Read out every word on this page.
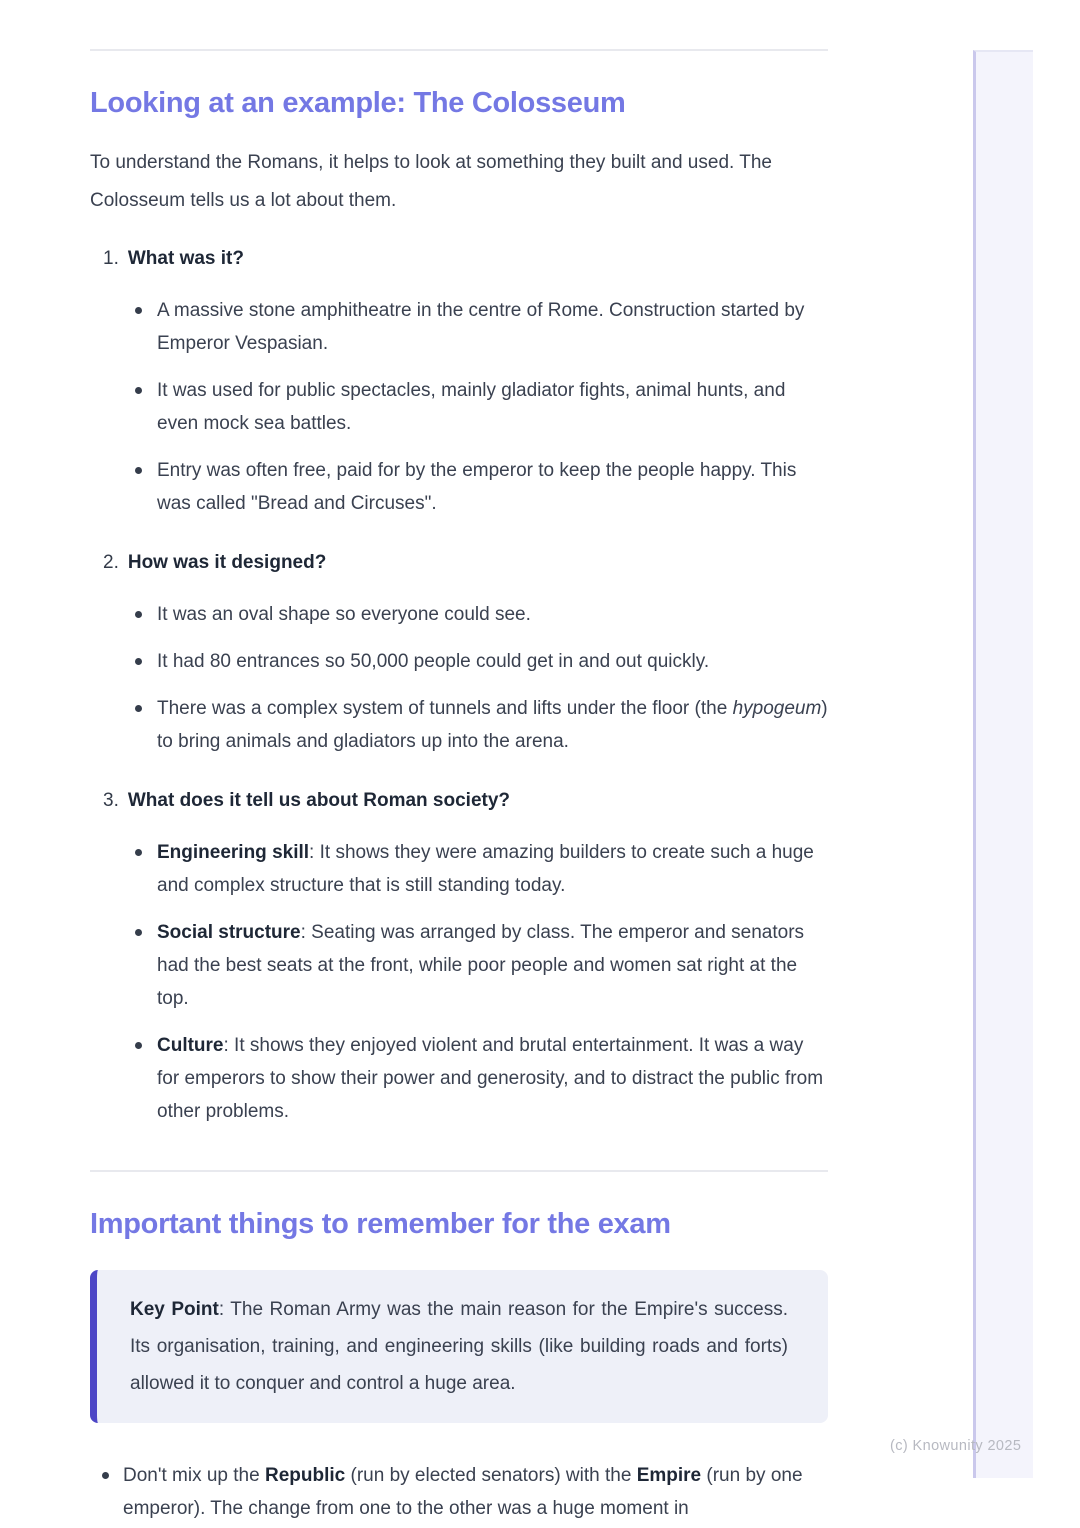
Looking at an example: The Colosseum

To understand the Romans, it helps to look at something they built and used. The Colosseum tells us a lot about them.

1. What was it?
A massive stone amphitheatre in the centre of Rome. Construction started by Emperor Vespasian.
It was used for public spectacles, mainly gladiator fights, animal hunts, and even mock sea battles.
Entry was often free, paid for by the emperor to keep the people happy. This was called "Bread and Circuses".
2. How was it designed?
It was an oval shape so everyone could see.
It had 80 entrances so 50,000 people could get in and out quickly.
There was a complex system of tunnels and lifts under the floor (the hypogeum) to bring animals and gladiators up into the arena.
3. What does it tell us about Roman society?
Engineering skill: It shows they were amazing builders to create such a huge and complex structure that is still standing today.
Social structure: Seating was arranged by class. The emperor and senators had the best seats at the front, while poor people and women sat right at the top.
Culture: It shows they enjoyed violent and brutal entertainment. It was a way for emperors to show their power and generosity, and to distract the public from other problems.
Important things to remember for the exam
Key Point: The Roman Army was the main reason for the Empire's success. Its organisation, training, and engineering skills (like building roads and forts) allowed it to conquer and control a huge area.
Don't mix up the Republic (run by elected senators) with the Empire (run by one emperor). The change from one to the other was a huge moment in
(c) Knowunity 2025
